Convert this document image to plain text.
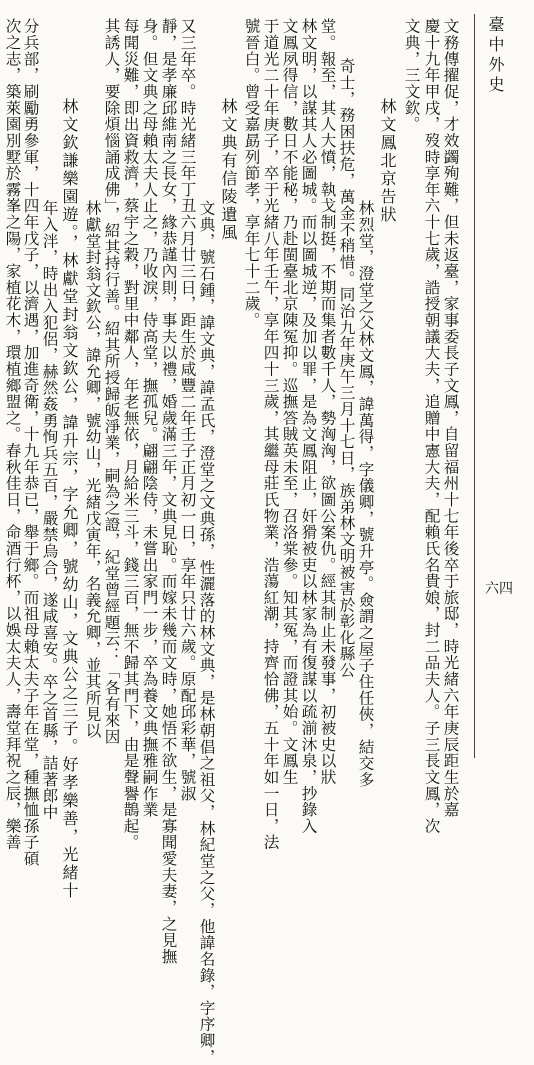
臺中外史
六四
文務傳擢促，才效蠲殉難，但未返臺，家事委長子文鳳，自留福州十七年後卒于旅邸，時光緒六年庚辰距生於嘉
慶十九年甲戌，歿時享年六十七歲，誥授朝議大夫，追贈中憲大夫，配賴氏名貴娘，封二品夫人。子三長文鳳，次
文典，三文欽。
林文鳳北京告狀
林烈堂，澄堂之父林文鳳，諱萬得，字儀卿，號升亭。僉謂之屋子住任俠，結交多
奇士，務困扶危，萬金不稍惜。同治九年庚午三月十七日，族弟林文明被害於彰化縣公
堂。報至，其人大憤，執戈制挺，不期而集者數千人，勢洶洶，欲圖公案仇。經其制止未發事，初被史以狀
林文明，以謀其人必圖城。而以圖城逆，及加以罪，是為文鳳阻止，奸猾被吏以林家為有復謀以疏湔沐泉，抄錄入
文鳳夙得信，數日不能秘，乃赴閩臺北京陳冤抑。巡撫答賊英未至，召洛棠參。知其冤，而證其始。文鳳生
于道光二十年庚子，卒于光緒八年壬午，享年四十三歲，其繼母莊氏物業，浩蕩紅潮，持齊恰佛，五十年如一日，法
號晉白。曾受嘉勗列節孝，享年七十二歲。
林文典有信陵遺風
文典，號石鍾，諱文典，諱孟氏，澄堂之文典孫，性灑落的林文典，是林朝倡之祖父，林紀堂之父，他諱名錄，字序卿，
又三年卒。時光緒三年丁丑六月廿三日，距生於咸豐二年壬子正月初一日，享年只廿六歲。原配邱彩華，號淑
靜，是孝廉邱維南之長女，緣恭謹內則，事夫以禮，婚歲滿三年，文典見恥。而嫁未幾而文時，她悟不欲生，是寡聞愛夫妻，之見撫
身。但文典之母賴太夫人止之，乃收淚，侍高堂，撫孤兒。翩翩陰侍，未嘗出家門一步，卒為養文典撫雅嗣作業
每聞災難，即出資救濟，蔡宇之穀，對里中鄰人，年老無依，月給米三斗，錢三百，無不歸其門下，由是聲譽鵲起。
其誘人，要除煩惱誦成佛」，紹其持行善。紹其所授歸皈淨業，嗣為之證，紀堂曾經題云：「各有來因
林獻堂封翁文欽公，諱允卿，號幼山，光緒戊寅年，名義允卿，並其所見以
林文欽謙樂園遊。，林獻堂封翁文欽公，諱升宗，字允卿，號幼山，文典公之三子。好孝樂善，光緒十
年入泮，時出入犯侶，赫然姦勇恂兵五百，嚴禁烏合，遂咸喜安。卒之首縣，詰著郎中
分兵部，刷勵勇參軍，十四年戊子，以濟遇，加進奇衛，十九年恭已，舉于鄉。而祖母賴太夫子年在堂，種撫恤孫子碩
次之志，築萊園別墅於霧峯之陽，家植花木，環植鄉盟之。春秋佳日，命酒行杯，以娛太夫人，壽堂拜祝之辰，樂善
